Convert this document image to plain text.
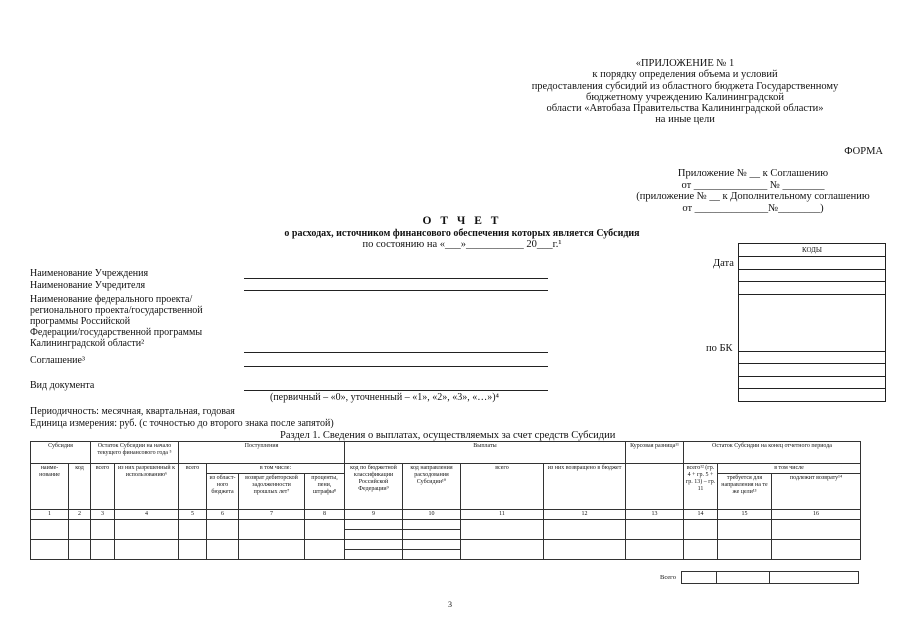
«ПРИЛОЖЕНИЕ № 1
к порядку определения объема и условий
предоставления субсидий из областного бюджета Государственному
бюджетному учреждению Калининградской
области «Автобаза Правительства Калининградской области»
на иные цели
ФОРМА
Приложение № __ к Соглашению
от ______________ № ________
(приложение № __ к Дополнительному соглашению
от ______________№________)
О Т Ч Е Т
о расходах, источником финансового обеспечения которых является Субсидия
по состоянию на «___»___________ 20___г.¹
Наименование Учреждения
Наименование Учредителя
Наименование федерального проекта/
регионального проекта/государственной
программы Российской
Федерации/государственной программы
Калининградской области²
Соглашение³
Вид документа
(первичный – «0», уточненный – «1», «2», «3», «…»)⁴
Периодичность: месячная, квартальная, годовая
Единица измерения: руб. (с точностью до второго знака после запятой)
Дата
по БК
КОДЫ
Раздел 1. Сведения о выплатах, осуществляемых за счет средств Субсидии
Субсидия		Остаток Субсидии на начало текущего финансового года ⁵		Поступления				Выплаты				Курсовая разница¹¹	Остаток Субсидии на конец отчетного периода		
наиме-нование	код	всего	из них разрешенный к использованию⁶	всего	в том числе:			код по бюджетной классификации Российской Федерации⁹	код направления расходования Субсидии¹⁰	всего	из них возвращено в бюджет		всего¹² (гр. 4 + гр. 5 + гр. 13) – гр. 11	в том числе	
					из област-ного бюджета	возврат дебиторской задолженности прошлых лет⁷	проценты, пени, штрафы⁸							требуется для направления на те же цели¹³	подлежит возврату¹⁴
1	2	3	4	5	6	7	8	9	10	11	12	13	14	15	16

Всего
3
